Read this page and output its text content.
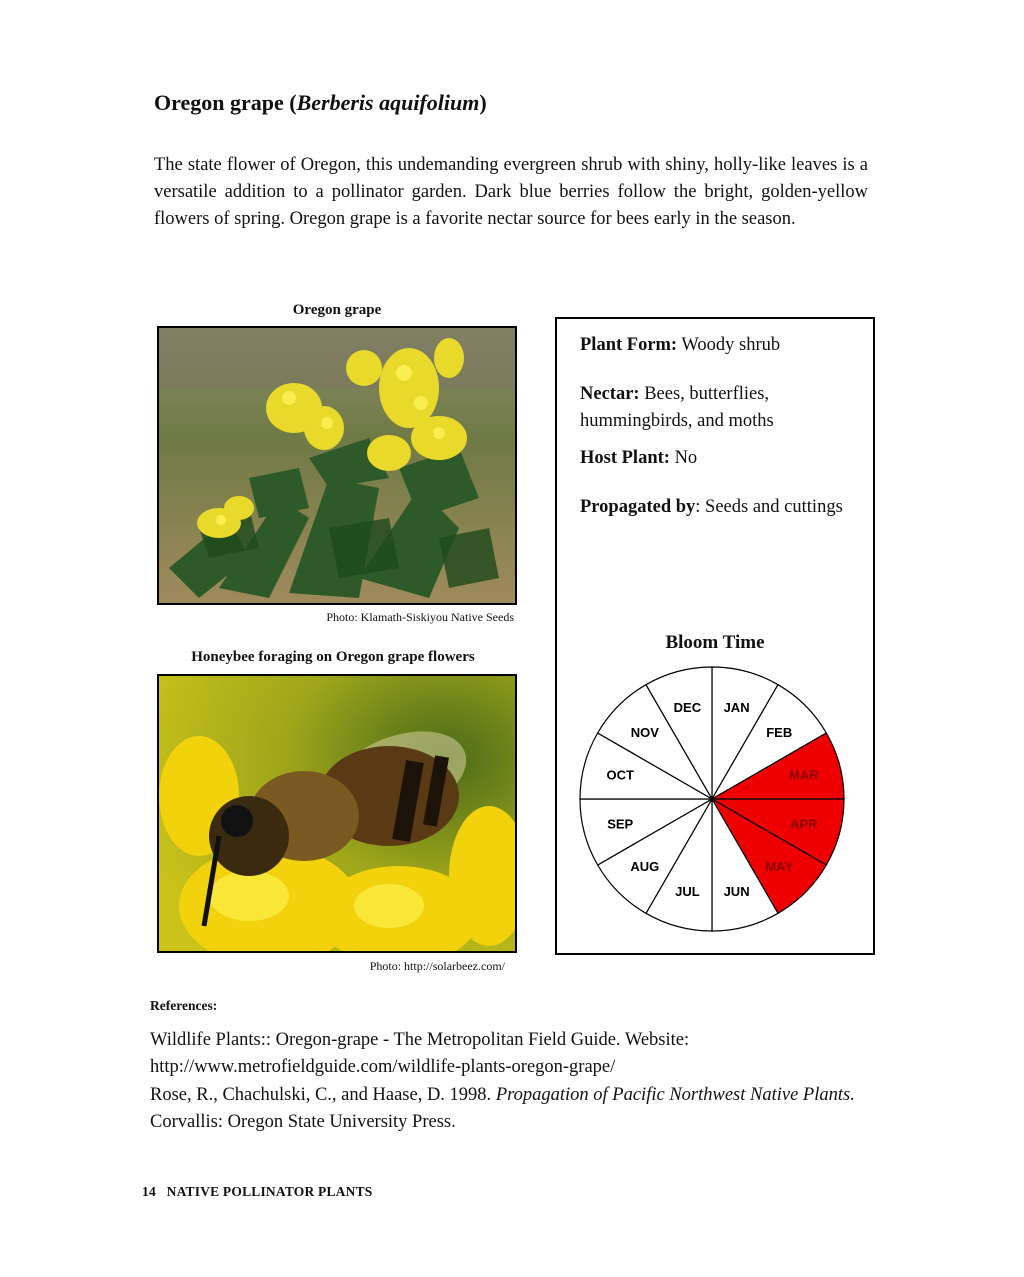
Oregon grape (Berberis aquifolium)
The state flower of Oregon, this undemanding evergreen shrub with shiny, holly-like leaves is a versatile addition to a pollinator garden. Dark blue berries follow the bright, golden-yellow flowers of spring. Oregon grape is a favorite nectar source for bees early in the season.
Oregon grape
Photo: Klamath-Siskiyou Native Seeds
Honeybee foraging on Oregon grape flowers
Photo: http://solarbeez.com/
Plant Form: Woody shrub
Nectar: Bees, butterflies, hummingbirds, and moths
Host Plant: No
Propagated by: Seeds and cuttings
Bloom Time
JAN
FEB
MAR
APR
MAY
JUN
JUL
AUG
SEP
OCT
NOV
DEC
References:
Wildlife Plants:: Oregon-grape - The Metropolitan Field Guide. Website: http://www.metrofieldguide.com/wildlife-plants-oregon-grape/
Rose, R., Chachulski, C., and Haase, D. 1998. Propagation of Pacific Northwest Native Plants. Corvallis: Oregon State University Press.
14 NATIVE POLLINATOR PLANTS
